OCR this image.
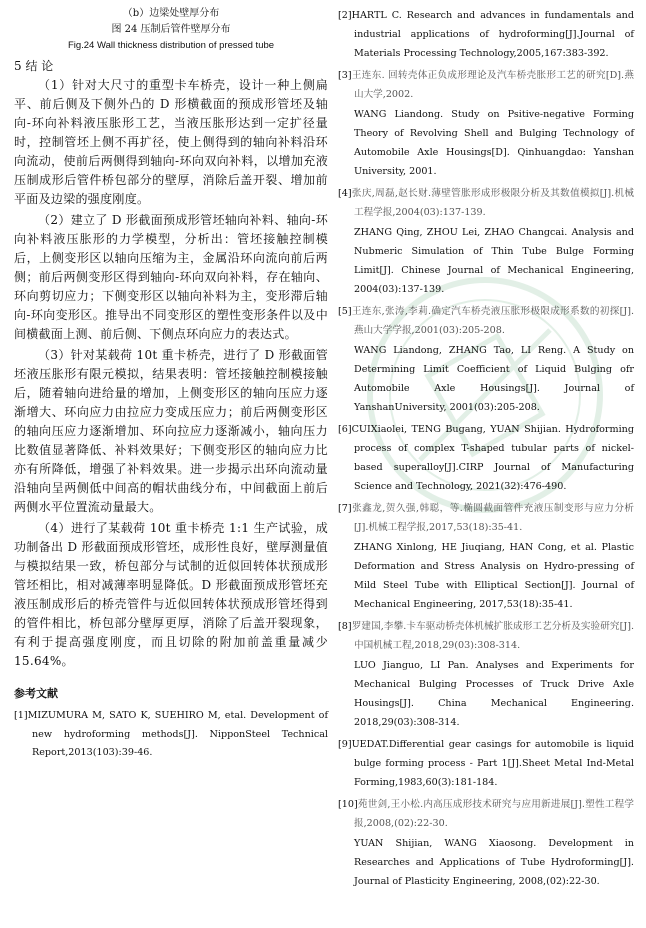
（b）边梁处壁厚分布
图 24 压制后管件壁厚分布
Fig.24 Wall thickness distribution of pressed tube
5 结 论

（1）针对大尺寸的重型卡车桥壳，设计一种上侧扁平、前后侧及下侧外凸的 D 形横截面的预成形管坯及轴向-环向补料液压胀形工艺，当液压胀形达到一定扩径量时，控制管坯上侧不再扩径，使上侧得到的轴向补料沿环向流动，使前后两侧得到轴向-环向双向补料，以增加充液压制成形后管件桥包部分的壁厚，消除后盖开裂、增加前平面及边梁的强度刚度。

（2）建立了 D 形截面预成形管坯轴向补料、轴向-环向补料液压胀形的力学模型，分析出：管坯接触控制模后，上侧变形区以轴向压缩为主，金属沿环向流向前后两侧；前后两侧变形区得到轴向-环向双向补料，存在轴向、环向剪切应力；下侧变形区以轴向补料为主，变形滞后轴向-环向变形区。推导出不同变形区的塑性变形条件以及中间横截面上测、前后侧、下侧点环向应力的表达式。

（3）针对某载荷 10t 重卡桥壳，进行了 D 形截面管坯液压胀形有限元模拟，结果表明：管坯接触控制模接触后，随着轴向进给量的增加，上侧变形区的轴向压应力逐渐增大、环向应力由拉应力变成压应力；前后两侧变形区的轴向压应力逐渐增加、环向拉应力逐渐减小，轴向压力比数值显著降低、补料效果好；下侧变形区的轴向应力比亦有所降低，增强了补料效果。进一步揭示出环向流动量沿轴向呈两侧低中间高的帽状曲线分布，中间截面上前后两侧水平位置流动量最大。

（4）进行了某载荷 10t 重卡桥壳 1:1 生产试验，成功制备出 D 形截面预成形管坯，成形性良好，壁厚测量值与模拟结果一致，桥包部分与试制的近似回转体状预成形管坯相比，相对减薄率明显降低。D 形截面预成形管坯充液压制成形后的桥壳管件与近似回转体状预成形管坯得到的管件相比，桥包部分壁厚更厚，消除了后盖开裂现象，有利于提高强度刚度，而且切除的附加前盖重量减少 15.64%。

参考文献
[1]MIZUMURA M, SATO K, SUEHIRO M, etal. Development of new hydroforming methods[J]. NipponSteel Technical Report,2013(103):39-46.
[2]HARTL C. Research and advances in fundamentals and industrial applications of hydroforming[J].Journal of Materials Processing Technology,2005,167:383-392.
[3]王连东. 回转壳体正负成形理论及汽车桥壳胀形工艺的研究[D].燕山大学,2002.
WANG Liandong. Study on Psitive-negative Forming Theory of Revolving Shell and Bulging Technology of Automobile Axle Housings[D]. Qinhuangdao: Yanshan University, 2001.
[4]张庆,周磊,赵长财.薄壁管胀形成形极限分析及其数值模拟[J].机械工程学报,2004(03):137-139.
ZHANG Qing, ZHOU Lei, ZHAO Changcai. Analysis and Nubmeric Simulation of Thin Tube Bulge Forming Limit[J]. Chinese Journal of Mechanical Engineering, 2004(03):137-139.
[5]王连东,张涛,李莉.确定汽车桥壳液压胀形极限成形系数的初探[J].燕山大学学报,2001(03):205-208.
WANG Liandong, ZHANG Tao, LI Reng. A Study on Determining Limit Coefficient of Liquid Bulging ofr Automobile Axle Housings[J]. Journal of YanshanUniversity, 2001(03):205-208.
[6]CUIXiaolei, TENG Bugang, YUAN Shijian. Hydroforming process of complex T-shaped tubular parts of nickel-based superalloy[J].CIRP Journal of Manufacturing Science and Technology, 2021(32):476-490.
[7]张鑫龙,贺久强,韩聪，等.椭圆截面管件充液压制变形与应力分析[J].机械工程学报,2017,53(18):35-41.
ZHANG Xinlong, HE Jiuqiang, HAN Cong, et al. Plastic Deformation and Stress Analysis on Hydro-pressing of Mild Steel Tube with Elliptical Section[J]. Journal of Mechanical Engineering, 2017,53(18):35-41.
[8]罗建国,李攀.卡车驱动桥壳体机械扩胀成形工艺分析及实验研究[J].中国机械工程,2018,29(03):308-314.
LUO Jianguo, LI Pan. Analyses and Experiments for Mechanical Bulging Processes of Truck Drive Axle Housings[J]. China Mechanical Engineering. 2018,29(03):308-314.
[9]UEDAT.Differential gear casings for automobile is liquid bulge forming process - Part 1[J].Sheet Metal Ind-Metal Forming,1983,60(3):181-184.
[10]苑世剑,王小松.内高压成形技术研究与应用新进展[J].塑性工程学报,2008,(02):22-30.
YUAN Shijian, WANG Xiaosong. Development in Researches and Applications of Tube Hydroforming[J]. Journal of Plasticity Engineering, 2008,(02):22-30.
